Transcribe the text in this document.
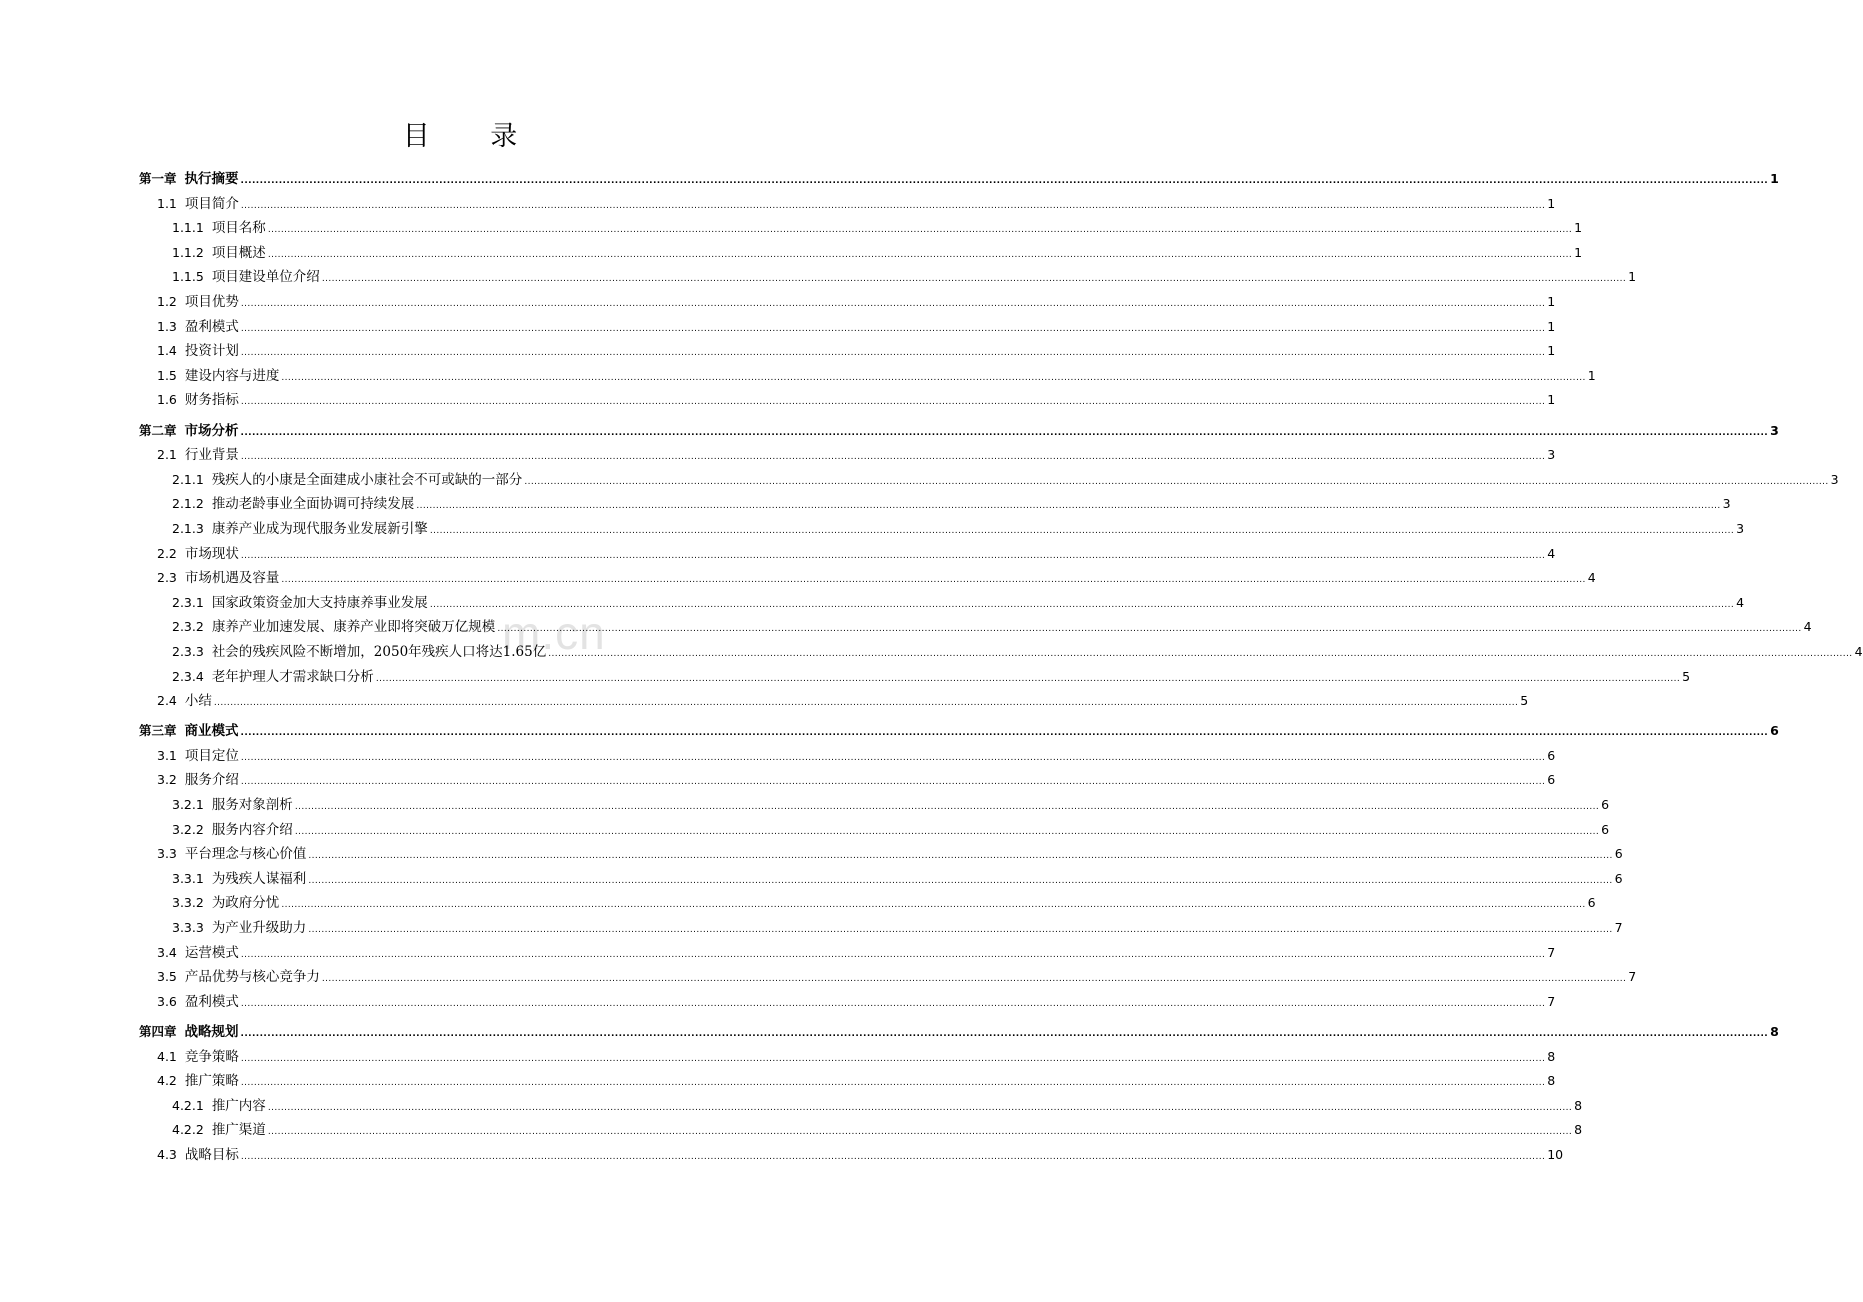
目 录
m.cn
第一章 执行摘要 ................................................................................................................................................................................................................................................................................................................................................................................................................ 1
1.1 项目简介 ................................................................................................................................................................................................................................................................................................................................................................................................................ 1
1.1.1 项目名称 ................................................................................................................................................................................................................................................................................................................................................................................................................ 1
1.1.2 项目概述 ................................................................................................................................................................................................................................................................................................................................................................................................................ 1
1.1.5 项目建设单位介绍 ................................................................................................................................................................................................................................................................................................................................................................................................................ 1
1.2 项目优势 ................................................................................................................................................................................................................................................................................................................................................................................................................ 1
1.3 盈利模式 ................................................................................................................................................................................................................................................................................................................................................................................................................ 1
1.4 投资计划 ................................................................................................................................................................................................................................................................................................................................................................................................................ 1
1.5 建设内容与进度 ................................................................................................................................................................................................................................................................................................................................................................................................................ 1
1.6 财务指标 ................................................................................................................................................................................................................................................................................................................................................................................................................ 1
第二章 市场分析 ................................................................................................................................................................................................................................................................................................................................................................................................................ 3
2.1 行业背景 ................................................................................................................................................................................................................................................................................................................................................................................................................ 3
2.1.1 残疾人的小康是全面建成小康社会不可或缺的一部分 ................................................................................................................................................................................................................................................................................................................................................................................................................ 3
2.1.2 推动老龄事业全面协调可持续发展 ................................................................................................................................................................................................................................................................................................................................................................................................................ 3
2.1.3 康养产业成为现代服务业发展新引擎 ................................................................................................................................................................................................................................................................................................................................................................................................................ 3
2.2 市场现状 ................................................................................................................................................................................................................................................................................................................................................................................................................ 4
2.3 市场机遇及容量 ................................................................................................................................................................................................................................................................................................................................................................................................................ 4
2.3.1 国家政策资金加大支持康养事业发展 ................................................................................................................................................................................................................................................................................................................................................................................................................ 4
2.3.2 康养产业加速发展、康养产业即将突破万亿规模 ................................................................................................................................................................................................................................................................................................................................................................................................................ 4
2.3.3 社会的残疾风险不断增加，2050年残疾人口将达1.65亿 ................................................................................................................................................................................................................................................................................................................................................................................................................ 4
2.3.4 老年护理人才需求缺口分析 ................................................................................................................................................................................................................................................................................................................................................................................................................ 5
2.4 小结 ................................................................................................................................................................................................................................................................................................................................................................................................................ 5
第三章 商业模式 ................................................................................................................................................................................................................................................................................................................................................................................................................ 6
3.1 项目定位 ................................................................................................................................................................................................................................................................................................................................................................................................................ 6
3.2 服务介绍 ................................................................................................................................................................................................................................................................................................................................................................................................................ 6
3.2.1 服务对象剖析 ................................................................................................................................................................................................................................................................................................................................................................................................................ 6
3.2.2 服务内容介绍 ................................................................................................................................................................................................................................................................................................................................................................................................................ 6
3.3 平台理念与核心价值 ................................................................................................................................................................................................................................................................................................................................................................................................................ 6
3.3.1 为残疾人谋福利 ................................................................................................................................................................................................................................................................................................................................................................................................................ 6
3.3.2 为政府分忧 ................................................................................................................................................................................................................................................................................................................................................................................................................ 6
3.3.3 为产业升级助力 ................................................................................................................................................................................................................................................................................................................................................................................................................ 7
3.4 运营模式 ................................................................................................................................................................................................................................................................................................................................................................................................................ 7
3.5 产品优势与核心竞争力 ................................................................................................................................................................................................................................................................................................................................................................................................................ 7
3.6 盈利模式 ................................................................................................................................................................................................................................................................................................................................................................................................................ 7
第四章 战略规划 ................................................................................................................................................................................................................................................................................................................................................................................................................ 8
4.1 竞争策略 ................................................................................................................................................................................................................................................................................................................................................................................................................ 8
4.2 推广策略 ................................................................................................................................................................................................................................................................................................................................................................................................................ 8
4.2.1 推广内容 ................................................................................................................................................................................................................................................................................................................................................................................................................ 8
4.2.2 推广渠道 ................................................................................................................................................................................................................................................................................................................................................................................................................ 8
4.3 战略目标 ................................................................................................................................................................................................................................................................................................................................................................................................................ 10
